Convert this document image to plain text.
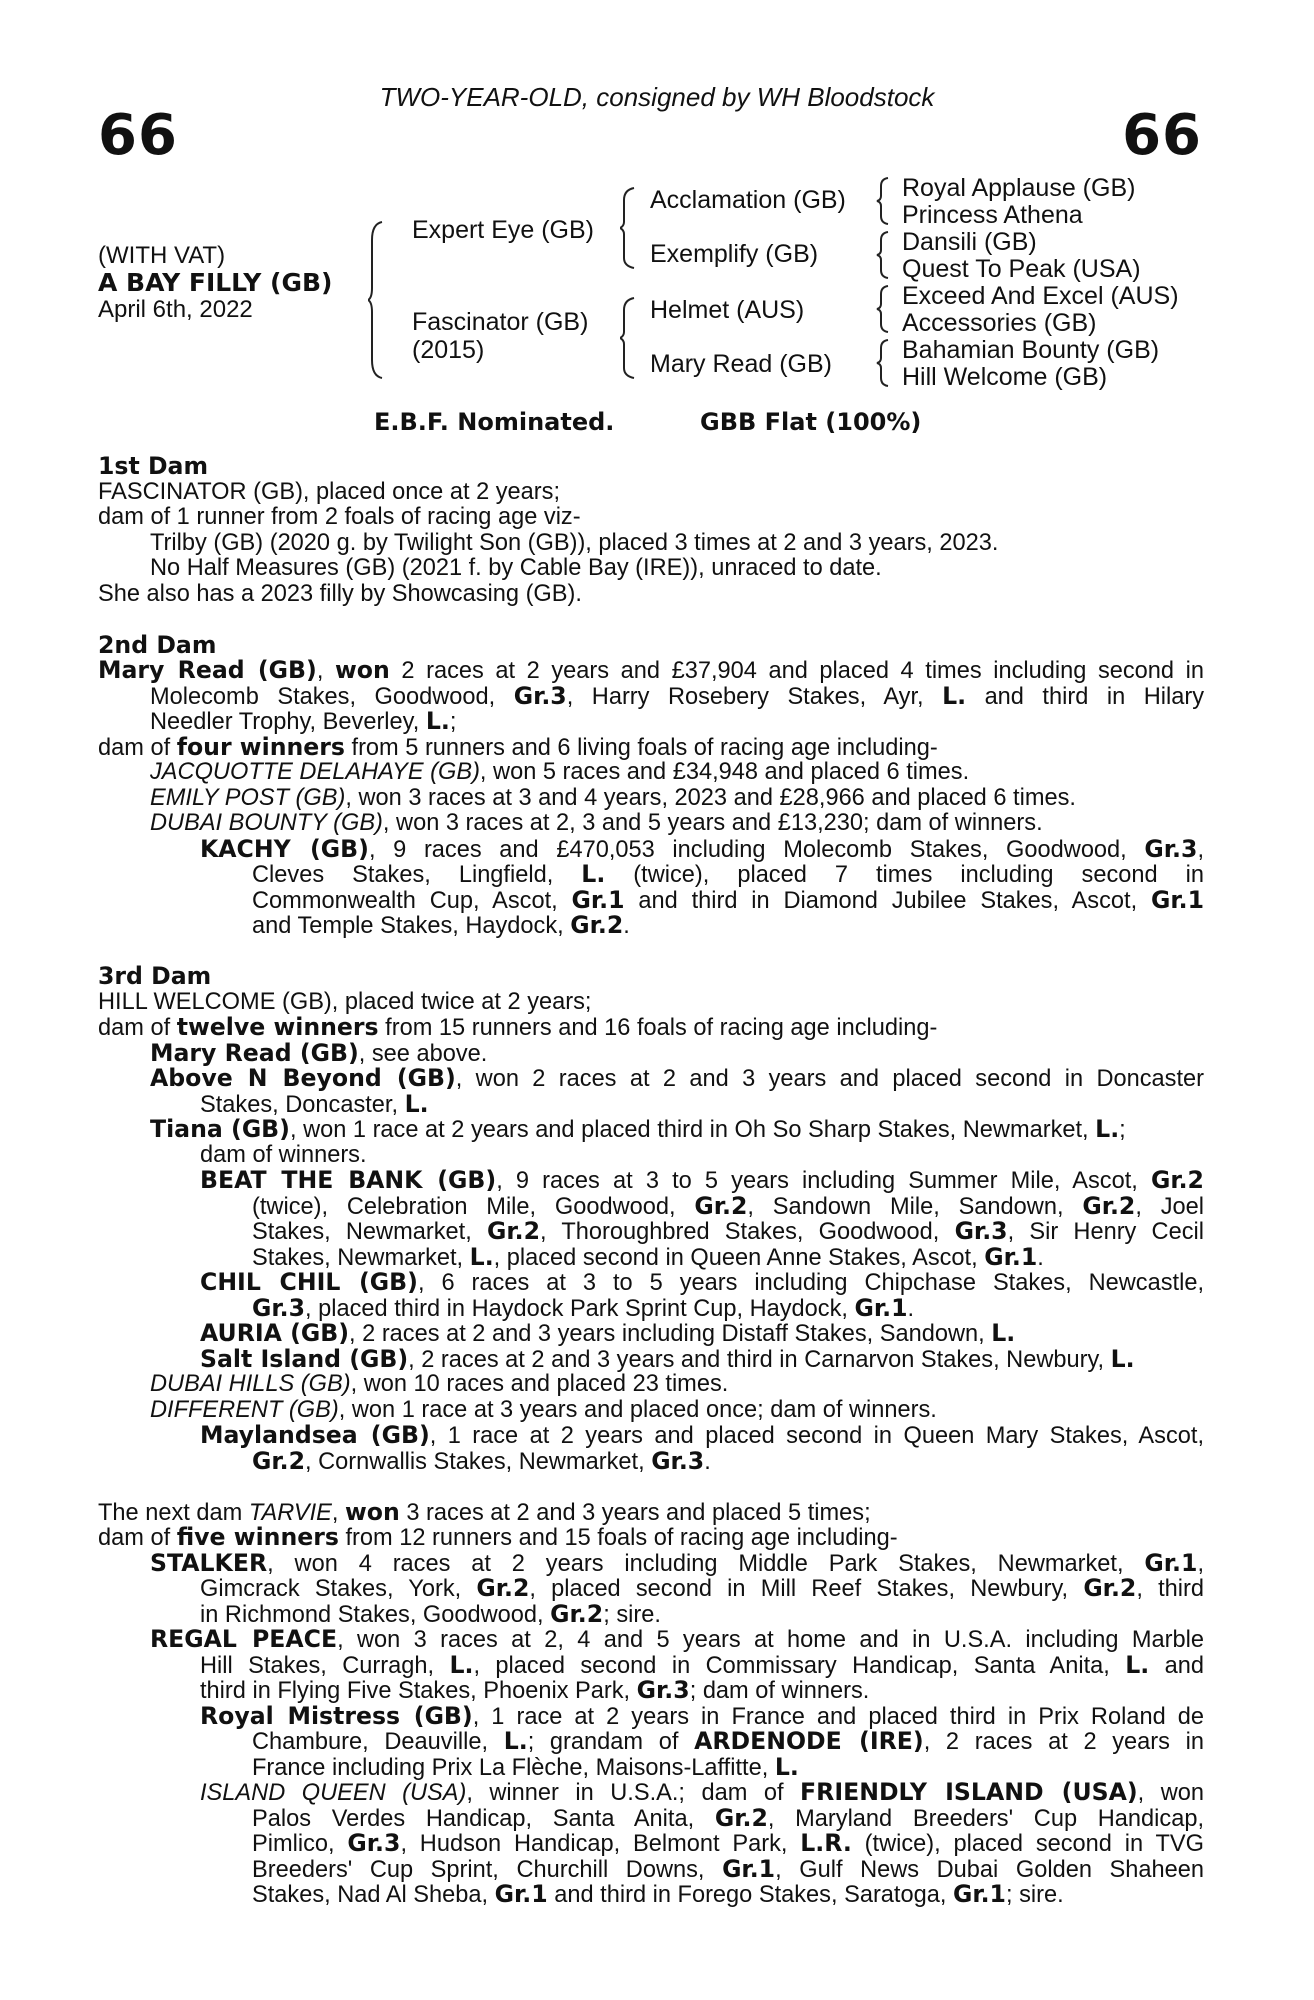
TWO-YEAR-OLD, consigned by WH Bloodstock
66	66
(WITH VAT)
A BAY FILLY (GB)
April 6th, 2022
Expert Eye (GB)
Fascinator (GB)
(2015)
Acclamation (GB)
Exemplify (GB)
Helmet (AUS)
Mary Read (GB)
Royal Applause (GB)
Princess Athena
Dansili (GB)
Quest To Peak (USA)
Exceed And Excel (AUS)
Accessories (GB)
Bahamian Bounty (GB)
Hill Welcome (GB)
E.B.F. Nominated.	GBB Flat (100%)
1st Dam
FASCINATOR (GB), placed once at 2 years;
dam of 1 runner from 2 foals of racing age viz-
Trilby (GB) (2020 g. by Twilight Son (GB)), placed 3 times at 2 and 3 years, 2023.
No Half Measures (GB) (2021 f. by Cable Bay (IRE)), unraced to date.
She also has a 2023 filly by Showcasing (GB).
2nd Dam
Mary Read (GB), won 2 races at 2 years and £37,904 and placed 4 times including second in
Molecomb Stakes, Goodwood, Gr.3, Harry Rosebery Stakes, Ayr, L. and third in Hilary
Needler Trophy, Beverley, L.;
dam of four winners from 5 runners and 6 living foals of racing age including-
JACQUOTTE DELAHAYE (GB), won 5 races and £34,948 and placed 6 times.
EMILY POST (GB), won 3 races at 3 and 4 years, 2023 and £28,966 and placed 6 times.
DUBAI BOUNTY (GB), won 3 races at 2, 3 and 5 years and £13,230; dam of winners.
KACHY (GB), 9 races and £470,053 including Molecomb Stakes, Goodwood, Gr.3,
Cleves Stakes, Lingfield, L. (twice), placed 7 times including second in
Commonwealth Cup, Ascot, Gr.1 and third in Diamond Jubilee Stakes, Ascot, Gr.1
and Temple Stakes, Haydock, Gr.2.
3rd Dam
HILL WELCOME (GB), placed twice at 2 years;
dam of twelve winners from 15 runners and 16 foals of racing age including-
Mary Read (GB), see above.
Above N Beyond (GB), won 2 races at 2 and 3 years and placed second in Doncaster
Stakes, Doncaster, L.
Tiana (GB), won 1 race at 2 years and placed third in Oh So Sharp Stakes, Newmarket, L.;
dam of winners.
BEAT THE BANK (GB), 9 races at 3 to 5 years including Summer Mile, Ascot, Gr.2
(twice), Celebration Mile, Goodwood, Gr.2, Sandown Mile, Sandown, Gr.2, Joel
Stakes, Newmarket, Gr.2, Thoroughbred Stakes, Goodwood, Gr.3, Sir Henry Cecil
Stakes, Newmarket, L., placed second in Queen Anne Stakes, Ascot, Gr.1.
CHIL CHIL (GB), 6 races at 3 to 5 years including Chipchase Stakes, Newcastle,
Gr.3, placed third in Haydock Park Sprint Cup, Haydock, Gr.1.
AURIA (GB), 2 races at 2 and 3 years including Distaff Stakes, Sandown, L.
Salt Island (GB), 2 races at 2 and 3 years and third in Carnarvon Stakes, Newbury, L.
DUBAI HILLS (GB), won 10 races and placed 23 times.
DIFFERENT (GB), won 1 race at 3 years and placed once; dam of winners.
Maylandsea (GB), 1 race at 2 years and placed second in Queen Mary Stakes, Ascot,
Gr.2, Cornwallis Stakes, Newmarket, Gr.3.
The next dam TARVIE, won 3 races at 2 and 3 years and placed 5 times;
dam of five winners from 12 runners and 15 foals of racing age including-
STALKER, won 4 races at 2 years including Middle Park Stakes, Newmarket, Gr.1,
Gimcrack Stakes, York, Gr.2, placed second in Mill Reef Stakes, Newbury, Gr.2, third
in Richmond Stakes, Goodwood, Gr.2; sire.
REGAL PEACE, won 3 races at 2, 4 and 5 years at home and in U.S.A. including Marble
Hill Stakes, Curragh, L., placed second in Commissary Handicap, Santa Anita, L. and
third in Flying Five Stakes, Phoenix Park, Gr.3; dam of winners.
Royal Mistress (GB), 1 race at 2 years in France and placed third in Prix Roland de
Chambure, Deauville, L.; grandam of ARDENODE (IRE), 2 races at 2 years in
France including Prix La Flèche, Maisons-Laffitte, L.
ISLAND QUEEN (USA), winner in U.S.A.; dam of FRIENDLY ISLAND (USA), won
Palos Verdes Handicap, Santa Anita, Gr.2, Maryland Breeders' Cup Handicap,
Pimlico, Gr.3, Hudson Handicap, Belmont Park, L.R. (twice), placed second in TVG
Breeders' Cup Sprint, Churchill Downs, Gr.1, Gulf News Dubai Golden Shaheen
Stakes, Nad Al Sheba, Gr.1 and third in Forego Stakes, Saratoga, Gr.1; sire.
